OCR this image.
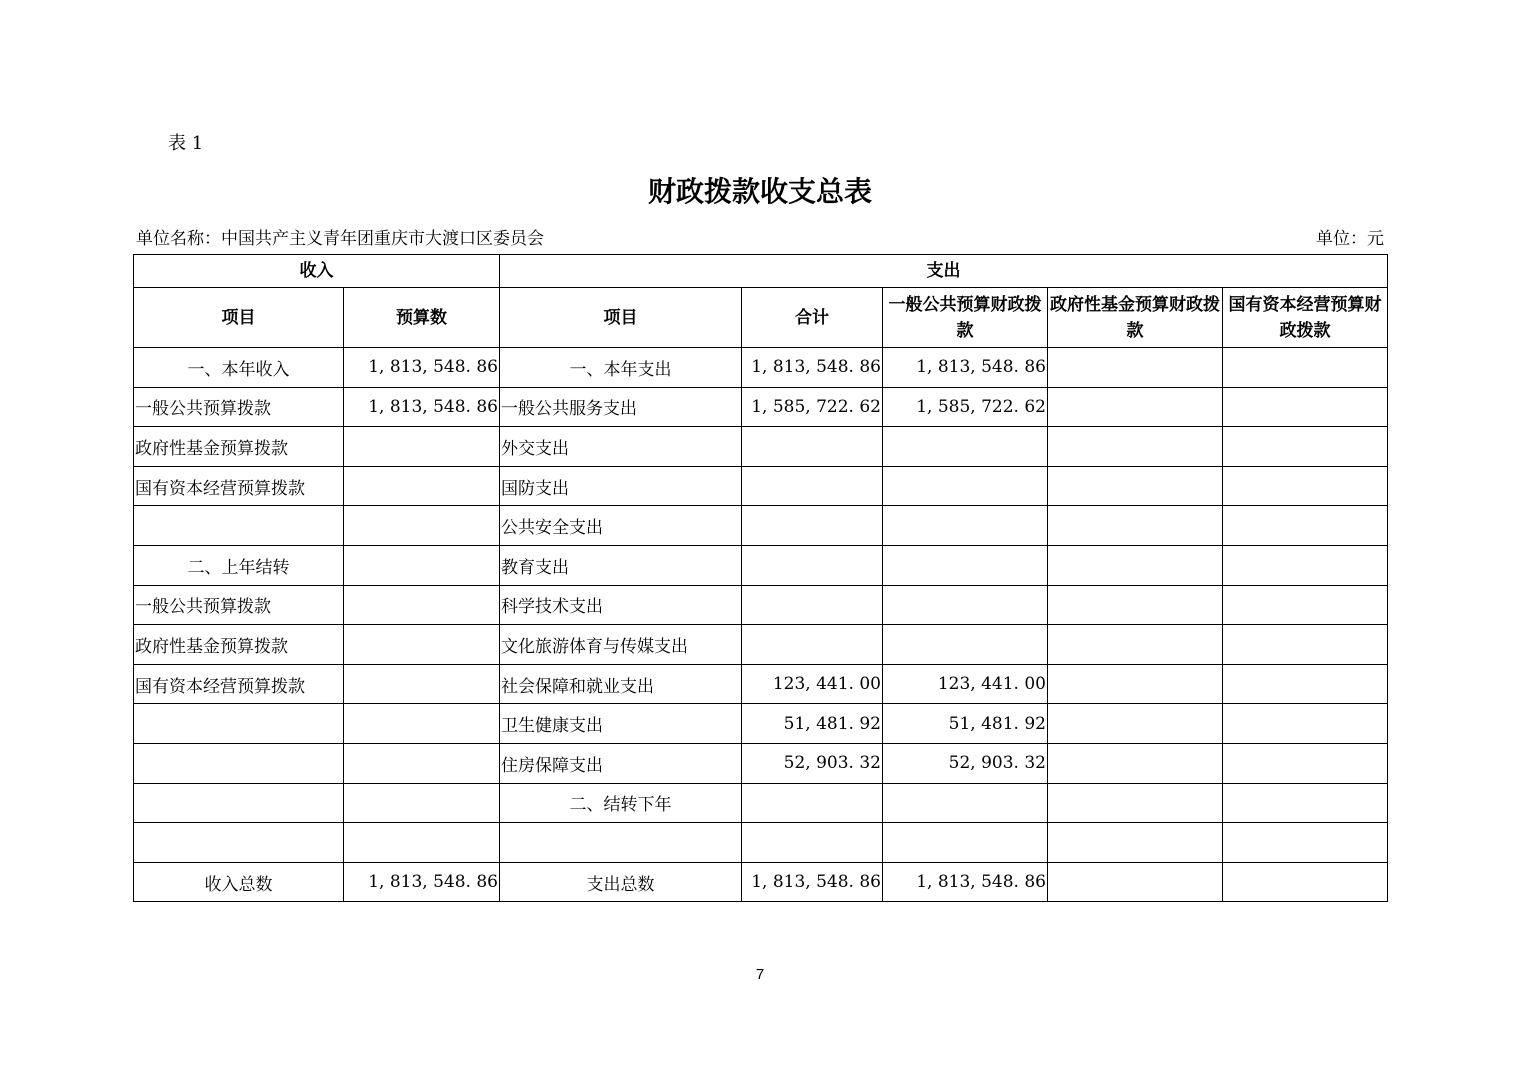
表 1
财政拨款收支总表
单位名称：中国共产主义青年团重庆市大渡口区委员会	单位：元
收入		支出				
项目	预算数	项目	合计	一般公共预算财政拨款	政府性基金预算财政拨款	国有资本经营预算财政拨款
一、本年收入	1, 813, 548. 86	一、本年支出	1, 813, 548. 86	1, 813, 548. 86		
一般公共预算拨款	1, 813, 548. 86	一般公共服务支出	1, 585, 722. 62	1, 585, 722. 62		
政府性基金预算拨款		外交支出				
国有资本经营预算拨款		国防支出				
		公共安全支出				
二、上年结转		教育支出				
一般公共预算拨款		科学技术支出				
政府性基金预算拨款		文化旅游体育与传媒支出				
国有资本经营预算拨款		社会保障和就业支出	123, 441. 00	123, 441. 00		
		卫生健康支出	51, 481. 92	51, 481. 92		
		住房保障支出	52, 903. 32	52, 903. 32		
		二、结转下年				

收入总数	1, 813, 548. 86	支出总数	1, 813, 548. 86	1, 813, 548. 86		
7
